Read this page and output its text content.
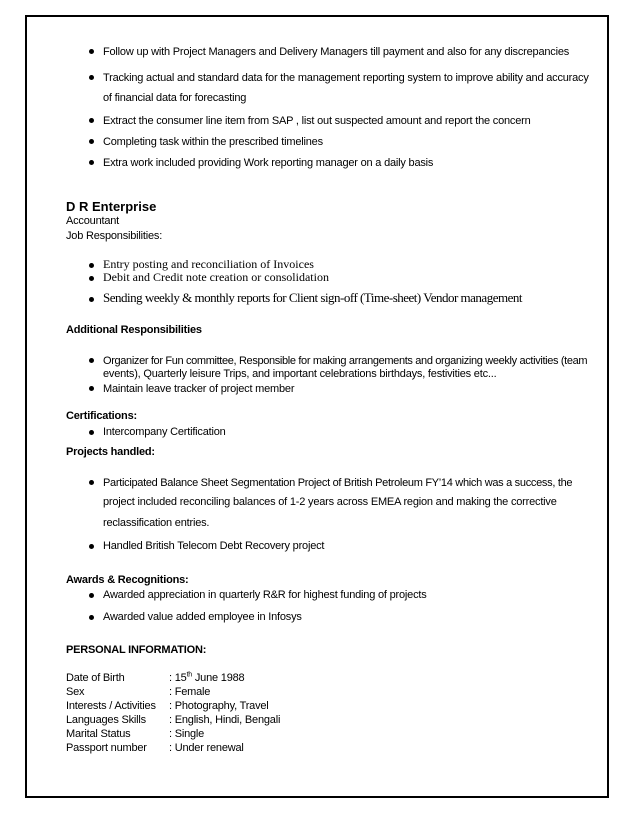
Follow up with Project Managers and Delivery Managers till payment and also for any discrepancies
Tracking actual and standard data for the management reporting system to improve ability and accuracy
of financial data for forecasting
Extract the consumer line item from SAP , list out suspected amount and report the concern
Completing task within the prescribed timelines
Extra work included providing Work reporting manager on a daily basis
D R Enterprise
Accountant
Job Responsibilities:
Entry posting and reconciliation of Invoices
Debit and Credit note creation or consolidation
Sending weekly & monthly reports for Client sign-off (Time-sheet) Vendor management
Additional Responsibilities
Organizer for Fun committee, Responsible for making arrangements and organizing weekly activities (team
events), Quarterly leisure Trips, and important celebrations birthdays, festivities etc...
Maintain leave tracker of project member
Certifications:
Intercompany Certification
Projects handled:
Participated Balance Sheet Segmentation Project of British Petroleum FY’14 which was a success, the
project included reconciling balances of 1-2 years across EMEA region and making the corrective
reclassification entries.
Handled British Telecom Debt Recovery project
Awards & Recognitions:
Awarded appreciation in quarterly R&R for highest funding of projects
Awarded value added employee in Infosys
PERSONAL INFORMATION:
Date of Birth	: 15th June 1988
Sex	: Female
Interests / Activities : Photography, Travel
Languages Skills : English, Hindi, Bengali
Marital Status	: Single
Passport number : Under renewal
